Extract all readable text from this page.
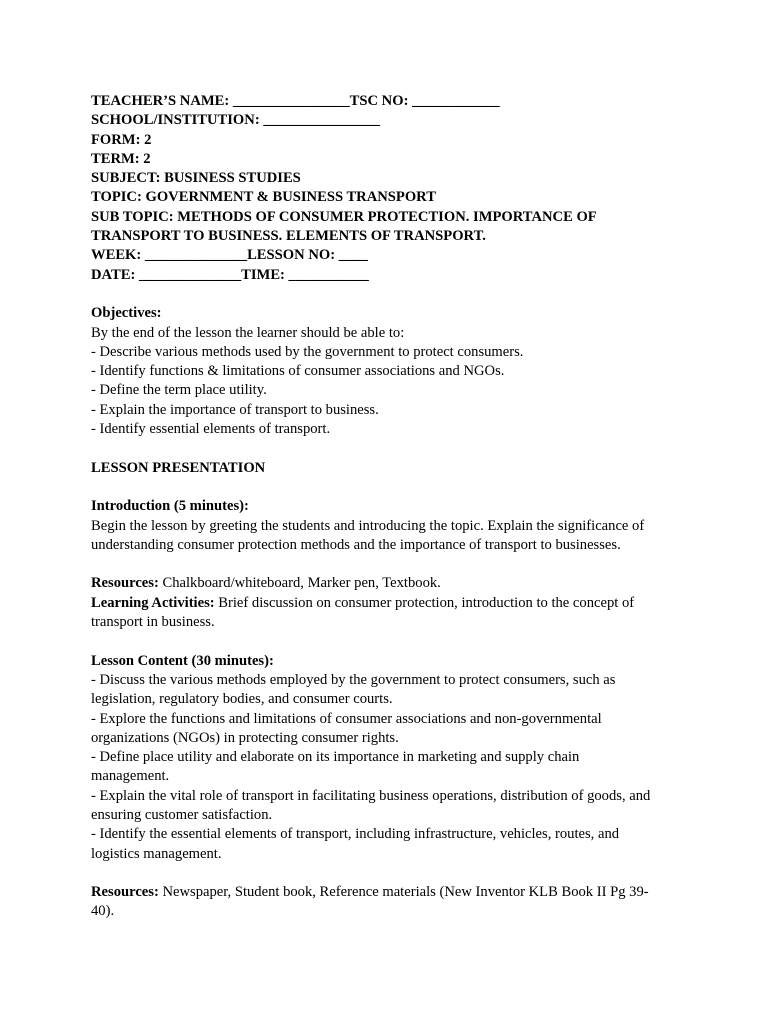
TEACHER’S NAME: ________________TSC NO: ____________

SCHOOL/INSTITUTION: ________________

FORM: 2

TERM: 2

SUBJECT: BUSINESS STUDIES

TOPIC: GOVERNMENT & BUSINESS TRANSPORT

SUB TOPIC: METHODS OF CONSUMER PROTECTION. IMPORTANCE OF

TRANSPORT TO BUSINESS. ELEMENTS OF TRANSPORT.

WEEK: ______________LESSON NO: ____

DATE: ______________TIME: ___________

Objectives:

By the end of the lesson the learner should be able to:

- Describe various methods used by the government to protect consumers.

- Identify functions & limitations of consumer associations and NGOs.

- Define the term place utility.

- Explain the importance of transport to business.

- Identify essential elements of transport.

LESSON PRESENTATION

Introduction (5 minutes):

Begin the lesson by greeting the students and introducing the topic. Explain the significance of

understanding consumer protection methods and the importance of transport to businesses.

Resources: Chalkboard/whiteboard, Marker pen, Textbook.

Learning Activities: Brief discussion on consumer protection, introduction to the concept of

transport in business.

Lesson Content (30 minutes):

- Discuss the various methods employed by the government to protect consumers, such as

legislation, regulatory bodies, and consumer courts.

- Explore the functions and limitations of consumer associations and non-governmental

organizations (NGOs) in protecting consumer rights.

- Define place utility and elaborate on its importance in marketing and supply chain

management.

- Explain the vital role of transport in facilitating business operations, distribution of goods, and

ensuring customer satisfaction.

- Identify the essential elements of transport, including infrastructure, vehicles, routes, and

logistics management.

Resources: Newspaper, Student book, Reference materials (New Inventor KLB Book II Pg 39-

40).
